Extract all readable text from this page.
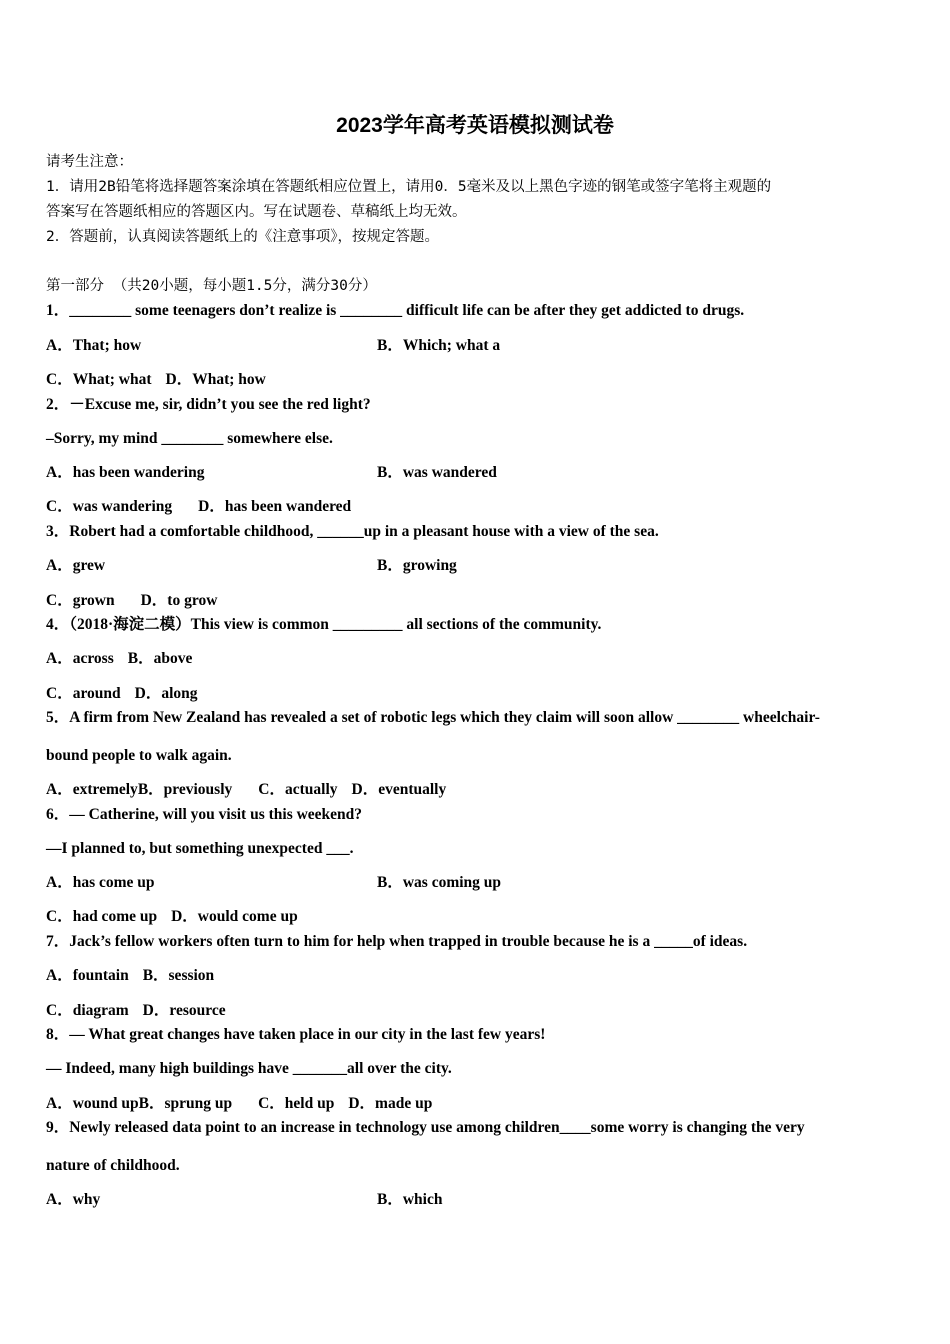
2023学年高考英语模拟测试卷
请考生注意：
1．请用2B铅笔将选择题答案涂填在答题纸相应位置上，请用0．5毫米及以上黑色字迹的钢笔或签字笔将主观题的
答案写在答题纸相应的答题区内。写在试题卷、草稿纸上均无效。
2．答题前，认真阅读答题纸上的《注意事项》，按规定答题。
第一部分 （共20小题，每小题1.5分，满分30分）
1．________ some teenagers don’t realize is ________ difficult life can be after they get addicted to drugs.
A．That; how	B．Which; what a
C．What; what D．What; how
2．－Excuse me, sir, didn’t you see the red light?
–Sorry, my mind ________ somewhere else.
A．has been wandering	B．was wandered
C．was wandering D．has been wandered
3．Robert had a comfortable childhood, ______up in a pleasant house with a view of the sea.
A．grew	B．growing
C．grown D．to grow
4．（2018·海淀二模）This view is common _________ all sections of the community.
A．across B．above
C．around D．along
5．A firm from New Zealand has revealed a set of robotic legs which they claim will soon allow ________ wheelchair-
bound people to walk again.
A．extremelyB．previously C．actually D．eventually
6．— Catherine, will you visit us this weekend?
—I planned to, but something unexpected ___.
A．has come up	B．was coming up
C．had come up D．would come up
7．Jack’s fellow workers often turn to him for help when trapped in trouble because he is a _____of ideas.
A．fountain B．session
C．diagram D．resource
8．— What great changes have taken place in our city in the last few years!
— Indeed, many high buildings have _______all over the city.
A．wound upB．sprung up C．held up D．made up
9．Newly released data point to an increase in technology use among children____some worry is changing the very
nature of childhood.
A．why	B．which
